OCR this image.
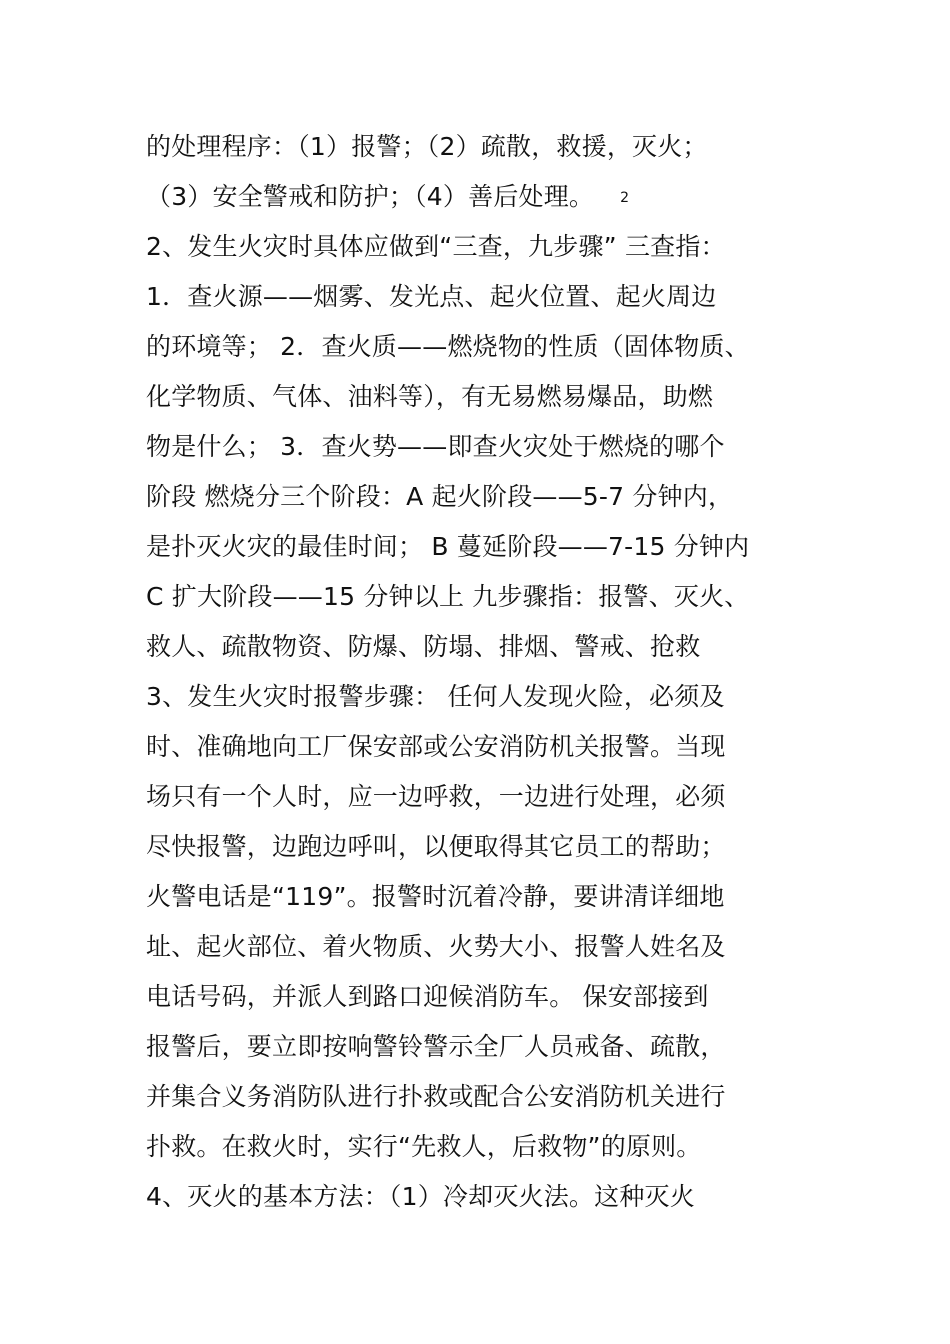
的处理程序：（1）报警；（2）疏散，救援，灭火；
（3）安全警戒和防护；（4）善后处理。 2
2、发生火灾时具体应做到“三查，九步骤” 三查指：
1．查火源——烟雾、发光点、起火位置、起火周边
的环境等； 2．查火质——燃烧物的性质（固体物质、
化学物质、气体、油料等），有无易燃易爆品，助燃
物是什么； 3．查火势——即查火灾处于燃烧的哪个
阶段 燃烧分三个阶段：A 起火阶段——5-7 分钟内，
是扑灭火灾的最佳时间； B 蔓延阶段——7-15 分钟内
C 扩大阶段——15 分钟以上 九步骤指：报警、灭火、
救人、疏散物资、防爆、防塌、排烟、警戒、抢救
3、发生火灾时报警步骤： 任何人发现火险，必须及
时、准确地向工厂保安部或公安消防机关报警。当现
场只有一个人时，应一边呼救，一边进行处理，必须
尽快报警，边跑边呼叫，以便取得其它员工的帮助；
火警电话是“119”。报警时沉着冷静，要讲清详细地
址、起火部位、着火物质、火势大小、报警人姓名及
电话号码，并派人到路口迎候消防车。 保安部接到
报警后，要立即按响警铃警示全厂人员戒备、疏散，
并集合义务消防队进行扑救或配合公安消防机关进行
扑救。在救火时，实行“先救人，后救物”的原则。
4、灭火的基本方法：（1）冷却灭火法。这种灭火
